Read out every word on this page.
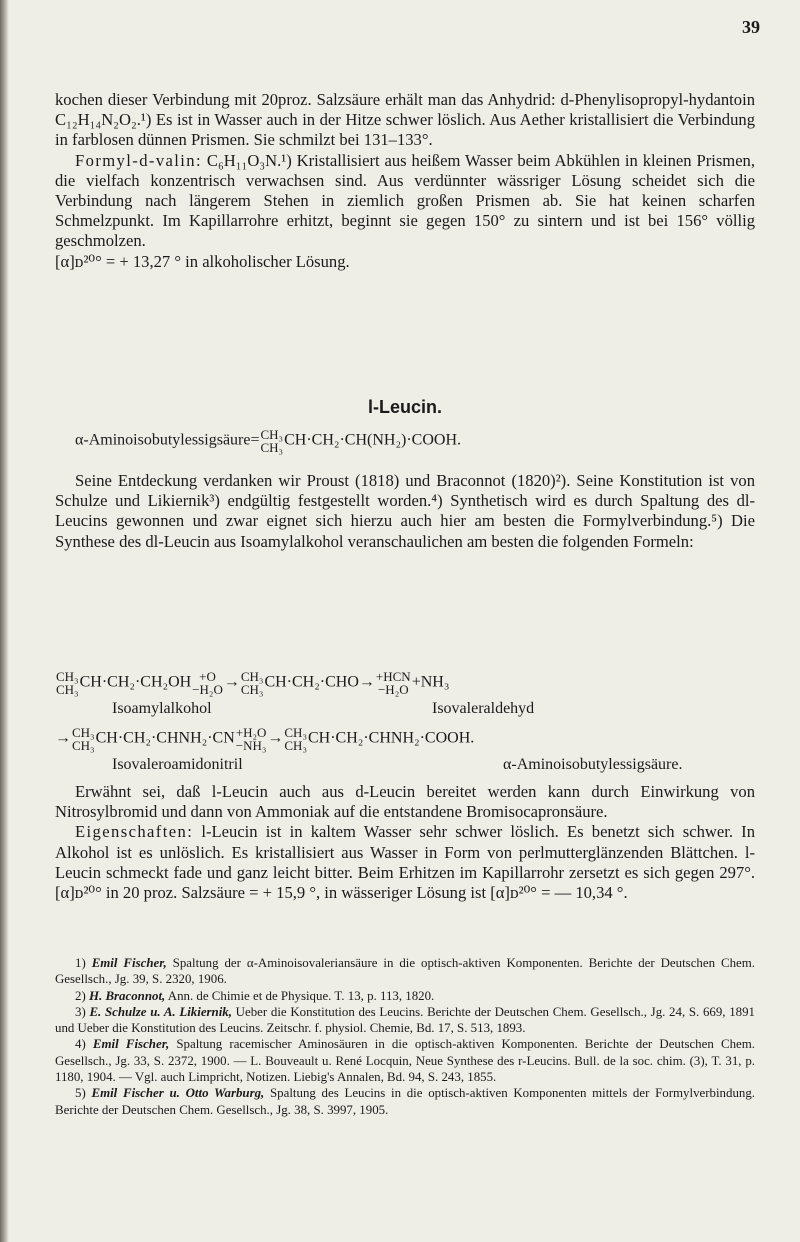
39

kochen dieser Verbindung mit 20proz. Salzsäure erhält man das Anhydrid: d-Phenylisopropyl-hydantoin C₁₂H₁₄N₂O₂.¹) Es ist in Wasser auch in der Hitze schwer löslich. Aus Aether kristallisiert die Verbindung in farblosen dünnen Prismen. Sie schmilzt bei 131–133°.

Formyl-d-valin: C₆H₁₁O₃N.¹) Kristallisiert aus heißem Wasser beim Abkühlen in kleinen Prismen, die vielfach konzentrisch verwachsen sind. Aus verdünnter wässriger Lösung scheidet sich die Verbindung nach längerem Stehen in ziemlich großen Prismen ab. Sie hat keinen scharfen Schmelzpunkt. Im Kapillarrohre erhitzt, beginnt sie gegen 150° zu sintern und ist bei 156° völlig geschmolzen.

[α]ᴅ²⁰° = + 13,27 ° in alkoholischer Lösung.

l-Leucin.
α-Aminoisobutylessigsäure= CH₃
CH₃ CH·CH₂·CH(NH₂)·COOH.

Seine Entdeckung verdanken wir Proust (1818) und Braconnot (1820)²). Seine Konstitution ist von Schulze und Likiernik³) endgültig festgestellt worden.⁴) Synthetisch wird es durch Spaltung des dl-Leucins gewonnen und zwar eignet sich hierzu auch hier am besten die Formylverbindung.⁵) Die Synthese des dl-Leucin aus Isoamylalkohol veranschaulichen am besten die folgenden Formeln:

CH₃
CH₃ CH·CH₂·CH₂OH +O
−H₂O → CH₃
CH₃ CH·CH₂·CHO→ +HCN
−H₂O +NH₃
Isoamylalkohol	Isovaleraldehyd
→ CH₃
CH₃ CH·CH₂·CHNH₂·CN +H₂O
−NH₃ → CH₃
CH₃ CH·CH₂·CHNH₂·COOH.
Isovaleroamidonitril	α-Aminoisobutylessigsäure.

Erwähnt sei, daß l-Leucin auch aus d-Leucin bereitet werden kann durch Einwirkung von Nitrosylbromid und dann von Ammoniak auf die entstandene Bromisocapronsäure.

Eigenschaften: l-Leucin ist in kaltem Wasser sehr schwer löslich. Es benetzt sich schwer. In Alkohol ist es unlöslich. Es kristallisiert aus Wasser in Form von perlmutterglänzenden Blättchen. l-Leucin schmeckt fade und ganz leicht bitter. Beim Erhitzen im Kapillarrohr zersetzt es sich gegen 297°. [α]ᴅ²⁰° in 20 proz. Salzsäure = + 15,9 °, in wässeriger Lösung ist [α]ᴅ²⁰° = — 10,34 °.

1) Emil Fischer, Spaltung der α-Aminoisovaleriansäure in die optisch-aktiven Komponenten. Berichte der Deutschen Chem. Gesellsch., Jg. 39, S. 2320, 1906.

2) H. Braconnot, Ann. de Chimie et de Physique. T. 13, p. 113, 1820.

3) E. Schulze u. A. Likiernik, Ueber die Konstitution des Leucins. Berichte der Deutschen Chem. Gesellsch., Jg. 24, S. 669, 1891 und Ueber die Konstitution des Leucins. Zeitschr. f. physiol. Chemie, Bd. 17, S. 513, 1893.

4) Emil Fischer, Spaltung racemischer Aminosäuren in die optisch-aktiven Komponenten. Berichte der Deutschen Chem. Gesellsch., Jg. 33, S. 2372, 1900. — L. Bouveault u. René Locquin, Neue Synthese des r-Leucins. Bull. de la soc. chim. (3), T. 31, p. 1180, 1904. — Vgl. auch Limpricht, Notizen. Liebig's Annalen, Bd. 94, S. 243, 1855.

5) Emil Fischer u. Otto Warburg, Spaltung des Leucins in die optisch-aktiven Komponenten mittels der Formylverbindung. Berichte der Deutschen Chem. Gesellsch., Jg. 38, S. 3997, 1905.
